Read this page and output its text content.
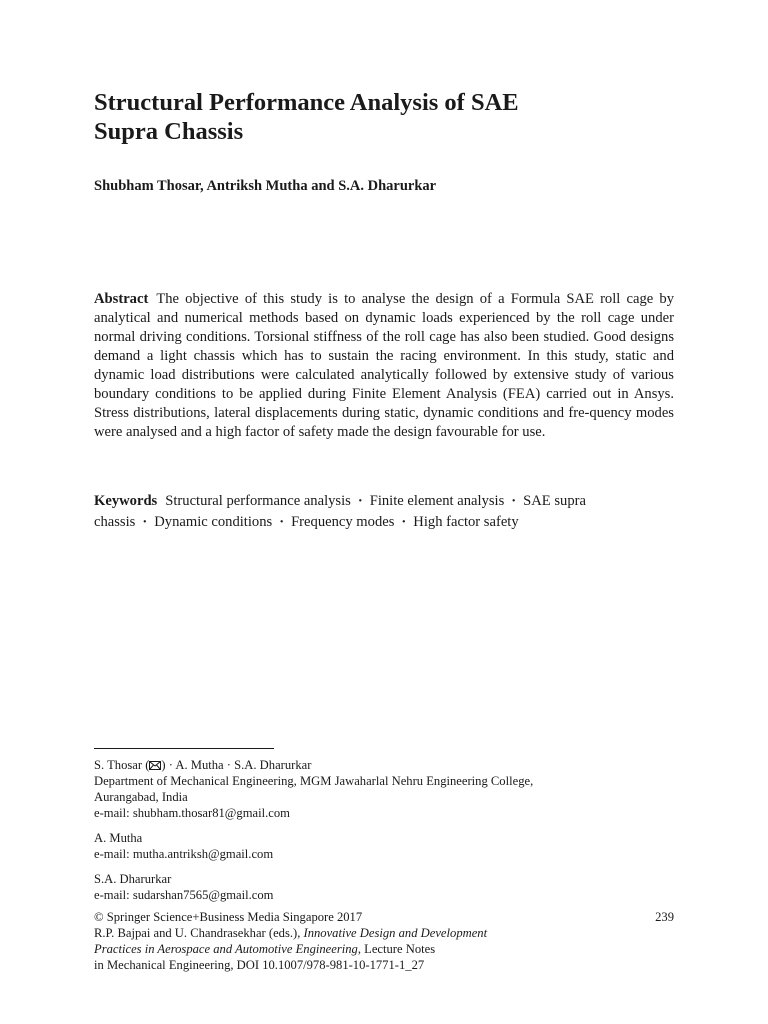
Structural Performance Analysis of SAE
Supra Chassis
Shubham Thosar, Antriksh Mutha and S.A. Dharurkar

Abstract The objective of this study is to analyse the design of a Formula SAE roll cage by analytical and numerical methods based on dynamic loads experienced by the roll cage under normal driving conditions. Torsional stiffness of the roll cage has also been studied. Good designs demand a light chassis which has to sustain the racing environment. In this study, static and dynamic load distributions were calculated analytically followed by extensive study of various boundary conditions to be applied during Finite Element Analysis (FEA) carried out in Ansys. Stress distributions, lateral displacements during static, dynamic conditions and fre-quency modes were analysed and a high factor of safety made the design favourable for use.

Keywords Structural performance analysis · Finite element analysis · SAE supra chassis · Dynamic conditions · Frequency modes · High factor safety

S. Thosar ( ) · A. Mutha · S.A. Dharurkar

Department of Mechanical Engineering, MGM Jawaharlal Nehru Engineering College,

Aurangabad, India

e-mail: shubham.thosar81@gmail.com

A. Mutha

e-mail: mutha.antriksh@gmail.com

S.A. Dharurkar

e-mail: sudarshan7565@gmail.com

© Springer Science+Business Media Singapore 2017	239

R.P. Bajpai and U. Chandrasekhar (eds.), Innovative Design and Development

Practices in Aerospace and Automotive Engineering, Lecture Notes

in Mechanical Engineering, DOI 10.1007/978-981-10-1771-1_27
